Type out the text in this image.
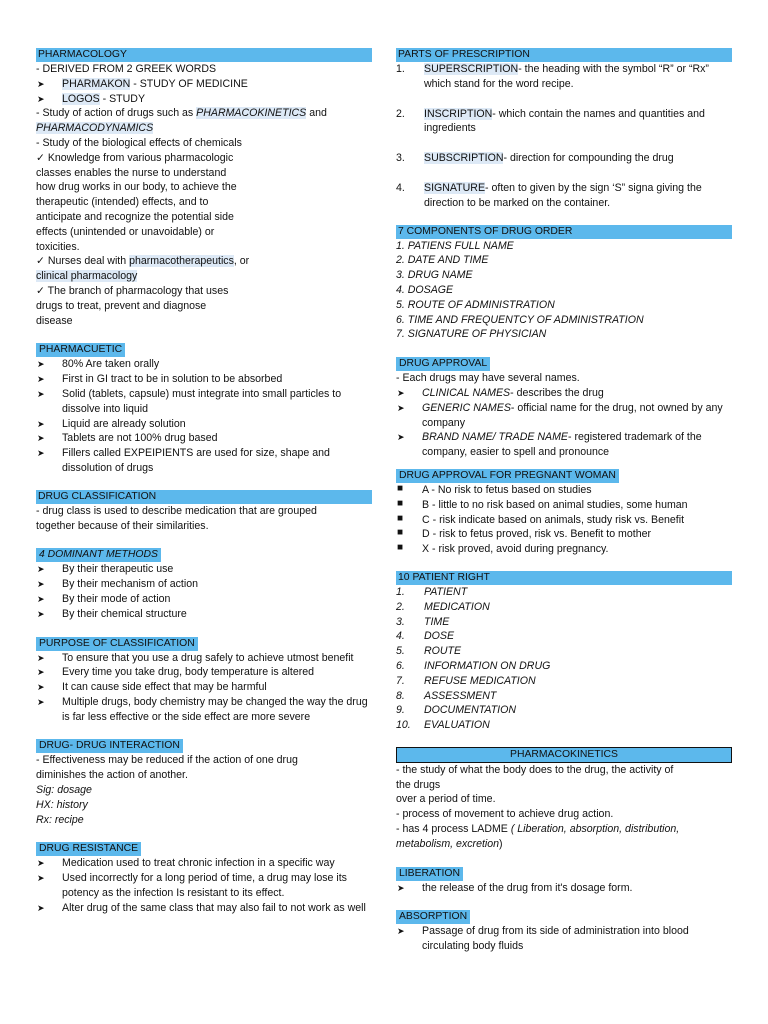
PHARMACOLOGY
- DERIVED FROM 2 GREEK WORDS
➤ PHARMAKON - STUDY OF MEDICINE
➤ LOGOS - STUDY
- Study of action of drugs such as PHARMACOKINETICS and
PHARMACODYNAMICS
- Study of the biological effects of chemicals
✓ Knowledge from various pharmacologic
classes enables the nurse to understand
how drug works in our body, to achieve the
therapeutic (intended) effects, and to
anticipate and recognize the potential side
effects (unintended or unavoidable) or
toxicities.
✓ Nurses deal with pharmacotherapeutics, or
clinical pharmacology
✓ The branch of pharmacology that uses
drugs to treat, prevent and diagnose
disease
PHARMACUETIC
➤ 80% Are taken orally
➤ First in GI tract to be in solution to be absorbed
➤ Solid (tablets, capsule) must integrate into small particles to dissolve into liquid
➤ Liquid are already solution
➤ Tablets are not 100% drug based
➤ Fillers called EXPEIPIENTS are used for size, shape and dissolution of drugs
DRUG CLASSIFICATION
- drug class is used to describe medication that are grouped
together because of their similarities.
4 DOMINANT METHODS
➤ By their therapeutic use
➤ By their mechanism of action
➤ By their mode of action
➤ By their chemical structure
PURPOSE OF CLASSIFICATION
➤ To ensure that you use a drug safely to achieve utmost benefit
➤ Every time you take drug, body temperature is altered
➤ It can cause side effect that may be harmful
➤ Multiple drugs, body chemistry may be changed the way the drug is far less effective or the side effect are more severe
DRUG- DRUG INTERACTION
- Effectiveness may be reduced if the action of one drug
diminishes the action of another.
Sig: dosage
HX: history
Rx: recipe
DRUG RESISTANCE
➤ Medication used to treat chronic infection in a specific way
➤ Used incorrectly for a long period of time, a drug may lose its potency as the infection Is resistant to its effect.
➤ Alter drug of the same class that may also fail to not work as well
PARTS OF PRESCRIPTION
1. SUPERSCRIPTION- the heading with the symbol “R” or “Rx” which stand for the word recipe.
2. INSCRIPTION- which contain the names and quantities and ingredients
3. SUBSCRIPTION- direction for compounding the drug
4. SIGNATURE- often to given by the sign ‘S” signa giving the direction to be marked on the container.
7 COMPONENTS OF DRUG ORDER
1. PATIENS FULL NAME
2. DATE AND TIME
3. DRUG NAME
4. DOSAGE
5. ROUTE OF ADMINISTRATION
6. TIME AND FREQUENTCY OF ADMINISTRATION
7. SIGNATURE OF PHYSICIAN
DRUG APPROVAL
- Each drugs may have several names.
➤ CLINICAL NAMES- describes the drug
➤ GENERIC NAMES- official name for the drug, not owned by any company
➤ BRAND NAME/ TRADE NAME- registered trademark of the company, easier to spell and pronounce
DRUG APPROVAL FOR PREGNANT WOMAN
■ A - No risk to fetus based on studies
■ B - little to no risk based on animal studies, some human
■ C - risk indicate based on animals, study risk vs. Benefit
■ D - risk to fetus proved, risk vs. Benefit to mother
■ X - risk proved, avoid during pregnancy.
10 PATIENT RIGHT
1. PATIENT
2. MEDICATION
3. TIME
4. DOSE
5. ROUTE
6. INFORMATION ON DRUG
7. REFUSE MEDICATION
8. ASSESSMENT
9. DOCUMENTATION
10. EVALUATION
PHARMACOKINETICS
- the study of what the body does to the drug, the activity of
the drugs
over a period of time.
- process of movement to achieve drug action.
- has 4 process LADME ( Liberation, absorption, distribution,
metabolism, excretion)
LIBERATION
➤ the release of the drug from it's dosage form.
ABSORPTION
➤ Passage of drug from its side of administration into blood circulating body fluids
